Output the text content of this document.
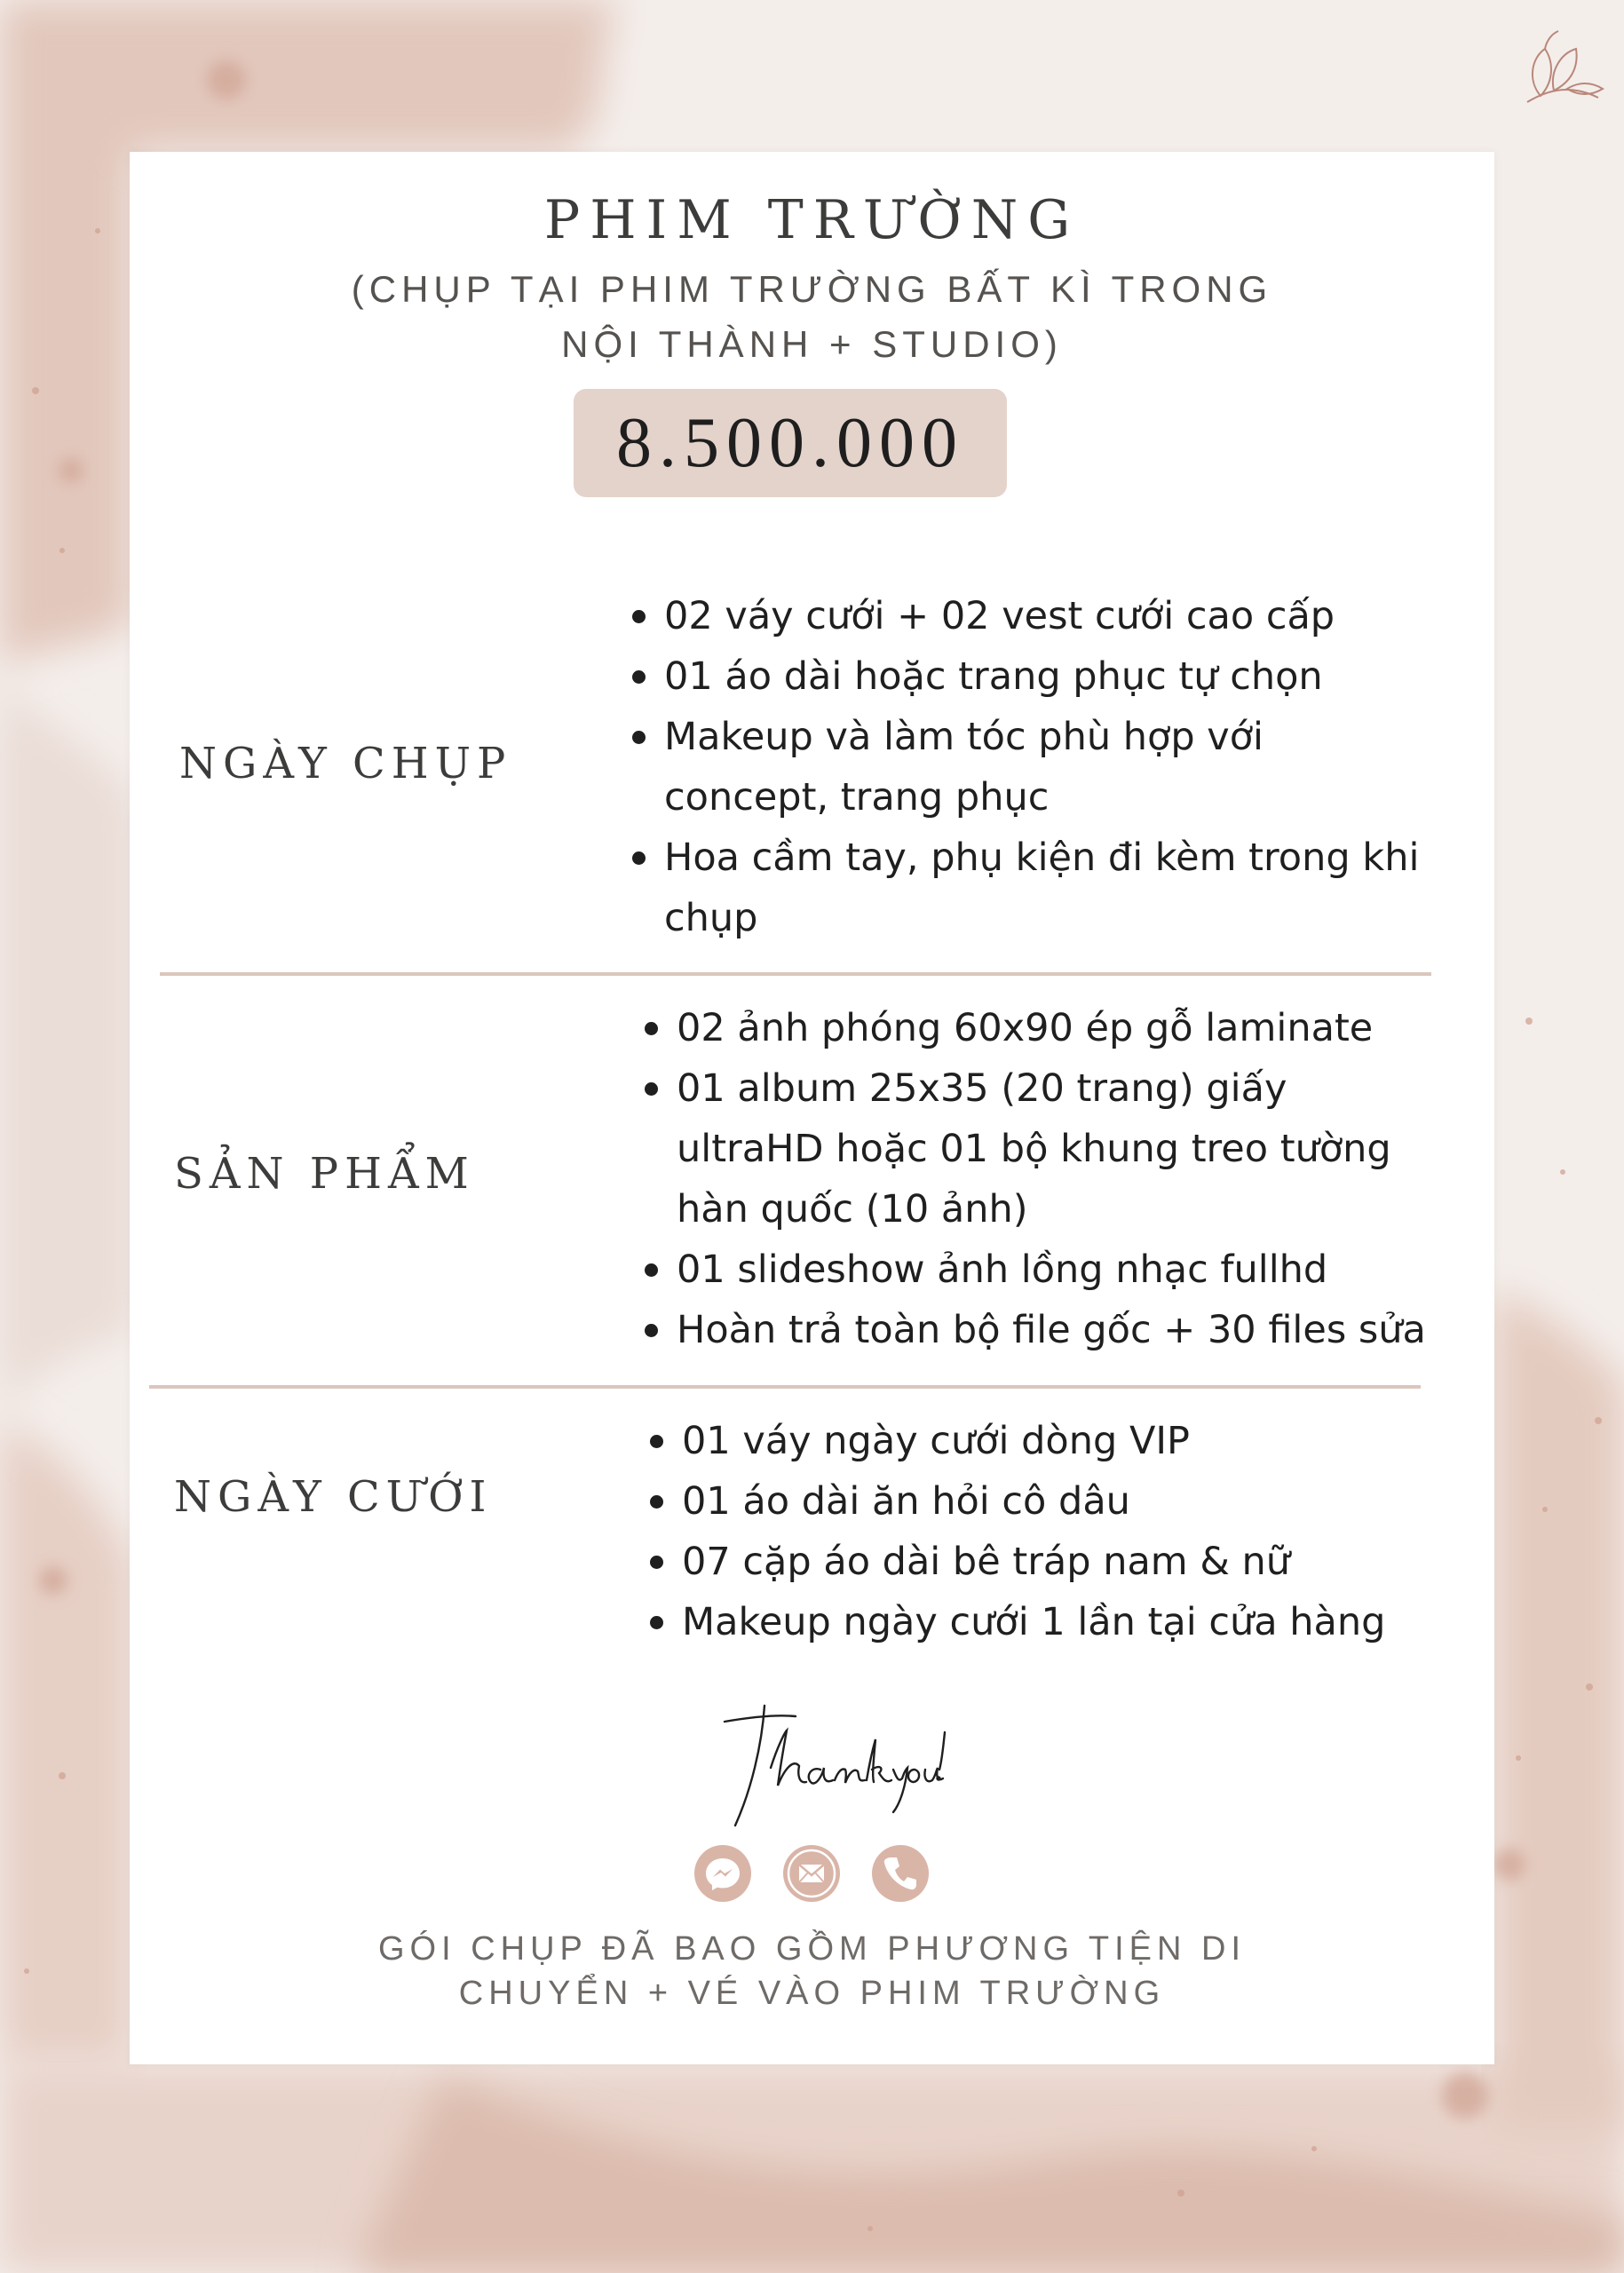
PHIM TRƯỜNG

(CHỤP TẠI PHIM TRƯỜNG BẤT KÌ TRONG
NỘI THÀNH + STUDIO)

8.500.000
NGÀY CHỤP
02 váy cưới + 02 vest cưới cao cấp
01 áo dài hoặc trang phục tự chọn
Makeup và làm tóc phù hợp với concept, trang phục
Hoa cầm tay, phụ kiện đi kèm trong khi chụp
SẢN PHẨM
02 ảnh phóng 60x90 ép gỗ laminate
01 album 25x35 (20 trang) giấy ultraHD hoặc 01 bộ khung treo tường hàn quốc (10 ảnh)
01 slideshow ảnh lồng nhạc fullhd
Hoàn trả toàn bộ file gốc + 30 files sửa
NGÀY CƯỚI
01 váy ngày cưới dòng VIP
01 áo dài ăn hỏi cô dâu
07 cặp áo dài bê tráp nam & nữ
Makeup ngày cưới 1 lần tại cửa hàng

GÓI CHỤP ĐÃ BAO GỒM PHƯƠNG TIỆN DI
CHUYỂN + VÉ VÀO PHIM TRƯỜNG
